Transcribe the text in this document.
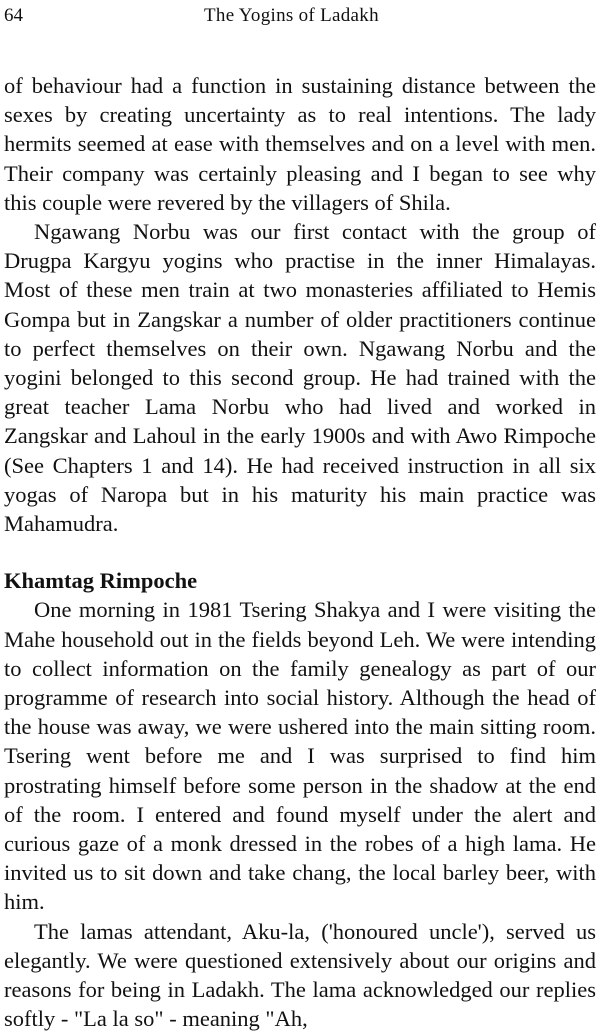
64	The Yogins of Ladakh

of behaviour had a function in sustaining distance between the sexes by creating uncertainty as to real intentions. The lady hermits seemed at ease with themselves and on a level with men. Their company was certainly pleasing and I began to see why this couple were revered by the villagers of Shila.

Ngawang Norbu was our first contact with the group of Drugpa Kargyu yogins who practise in the inner Himalayas. Most of these men train at two monasteries affiliated to Hemis Gompa but in Zangskar a number of older practitioners continue to perfect themselves on their own. Ngawang Norbu and the yogini belonged to this second group. He had trained with the great teacher Lama Norbu who had lived and worked in Zangskar and Lahoul in the early 1900s and with Awo Rimpoche (See Chapters 1 and 14). He had received instruction in all six yogas of Naropa but in his maturity his main practice was Mahamudra.

Khamtag Rimpoche

One morning in 1981 Tsering Shakya and I were visiting the Mahe household out in the fields beyond Leh. We were intending to collect information on the family genealogy as part of our programme of research into social history. Although the head of the house was away, we were ushered into the main sitting room. Tsering went before me and I was surprised to find him prostrating himself before some person in the shadow at the end of the room. I entered and found myself under the alert and curious gaze of a monk dressed in the robes of a high lama. He invited us to sit down and take chang, the local barley beer, with him.

The lamas attendant, Aku-la, ('honoured uncle'), served us elegantly. We were questioned extensively about our origins and reasons for being in Ladakh. The lama acknowledged our replies softly - "La la so" - meaning "Ah,
